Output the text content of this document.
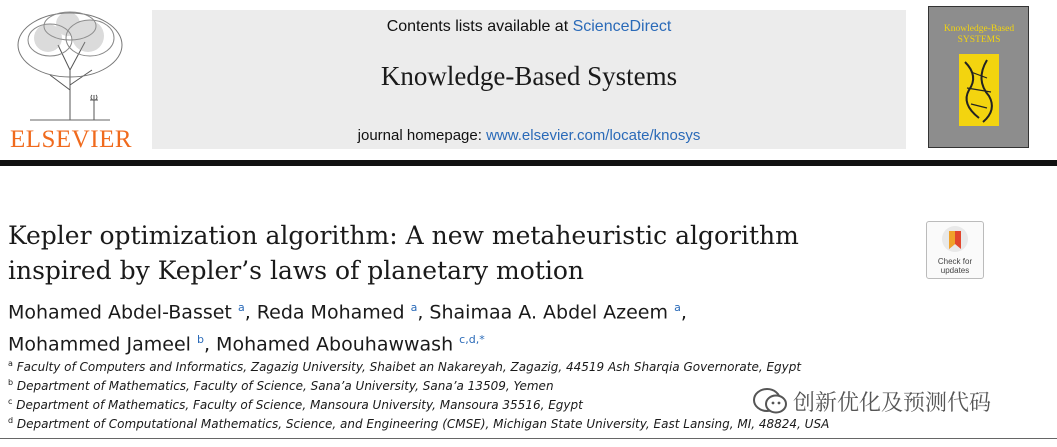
ELSEVIER
Contents lists available at ScienceDirect
Knowledge-Based Systems
journal homepage: www.elsevier.com/locate/knosys
Knowledge-Based SYSTEMS
Kepler optimization algorithm: A new metaheuristic algorithm
inspired by Kepler’s laws of planetary motion	Check for
updates
Mohamed Abdel-Basset $^a$, Reda Mohamed $^a$, Shaimaa A. Abdel Azeem $^a$,
Mohammed Jameel $^b$, Mohamed Abouhawwash $^{c,d,*}$
$^a$ Faculty of Computers and Informatics, Zagazig University, Shaibet an Nakareyah, Zagazig, 44519 Ash Sharqia Governorate, Egypt
$^b$ Department of Mathematics, Faculty of Science, Sana’a University, Sana’a 13509, Yemen
$^c$ Department of Mathematics, Faculty of Science, Mansoura University, Mansoura 35516, Egypt
$^d$ Department of Computational Mathematics, Science, and Engineering (CMSE), Michigan State University, East Lansing, MI, 48824, USA
创新优化及预测代码
